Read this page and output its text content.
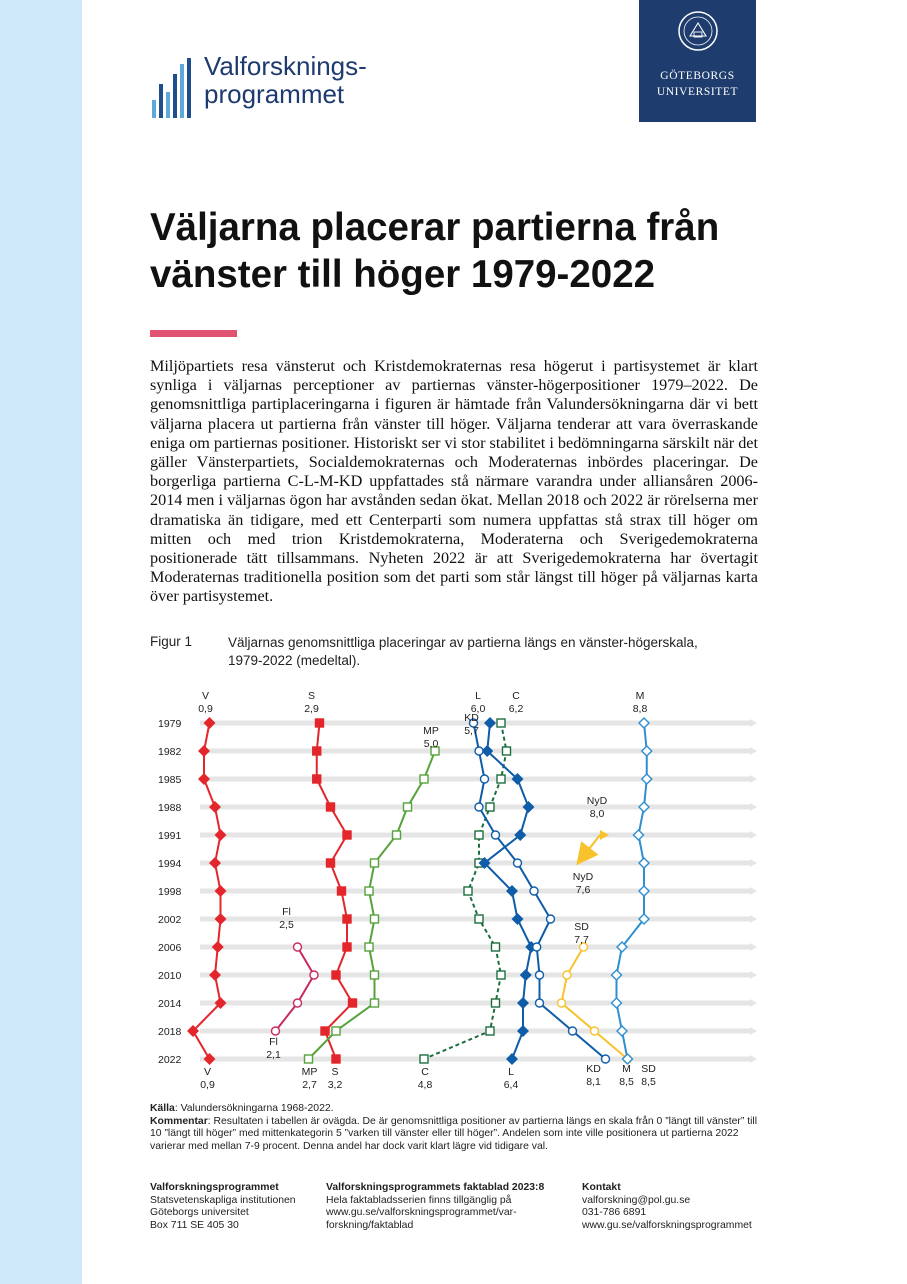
Valforsknings-
programmet
GÖTEBORGS
UNIVERSITET
Väljarna placerar partierna från vänster till höger 1979-2022

Miljöpartiets resa vänsterut och Kristdemokraternas resa högerut i partisystemet är klart synliga i väljarnas perceptioner av partiernas vänster-högerpositioner 1979–2022. De genomsnittliga partiplaceringarna i figuren är hämtade från Valundersökningarna där vi bett väljarna placera ut partierna från vänster till höger. Väljarna tenderar att vara överraskande eniga om partiernas positioner. Historiskt ser vi stor stabilitet i bedömningarna särskilt när det gäller Vänsterpartiets, Socialdemokraternas och Moderaternas inbördes placeringar. De borgerliga partierna C-L-M-KD uppfattades stå närmare varandra under alliansåren 2006-2014 men i väljarnas ögon har avstånden sedan ökat. Mellan 2018 och 2022 är rörelserna mer dramatiska än tidigare, med ett Centerparti som numera uppfattas stå strax till höger om mitten och med trion Kristdemokraterna, Moderaterna och Sverigedemokraterna positionerade tätt tillsammans. Nyheten 2022 är att Sverigedemokraterna har övertagit Moderaternas traditionella position som det parti som står längst till höger på väljarnas karta över partisystemet.

Figur 1	Väljarnas genomsnittliga placeringar av partierna längs en vänster-högerskala, 1979-2022 (medeltal).
1979
1982
1985
1988
1991
1994
1998
2002
2006
2010
2014
2018
2022
V
0,9
S
2,9
L
6,0
C
6,2
KD
5,7
MP
5,0
M
8,8
NyD
8,0
NyD
7,6
Fl
2,5	SD
7,7
V
0,9
MP
2,7
S
3,2
C
4,8
L
6,4
KD
8,1
M
8,5
SD
8,5
Fl
2,1
Källa: Valundersökningarna 1968-2022.
Kommentar: Resultaten i tabellen är ovägda. De är genomsnittliga positioner av partierna längs en skala från 0 ”längt till vänster” till 10 ”längt till höger” med mittenkategorin 5 ”varken till vänster eller till höger”. Andelen som inte ville positionera ut partierna 2022 varierar med mellan 7-9 procent. Denna andel har dock varit klart lägre vid tidigare val.
Valforskningsprogrammet
Statsvetenskapliga institutionen
Göteborgs universitet
Box 711 SE 405 30
Valforskningsprogrammets faktablad 2023:8
Hela faktabladsserien finns tillgänglig på
www.gu.se/valforskningsprogrammet/var-
forskning/faktablad
Kontakt
valforskning@pol.gu.se
031-786 6891
www.gu.se/valforskningsprogrammet
